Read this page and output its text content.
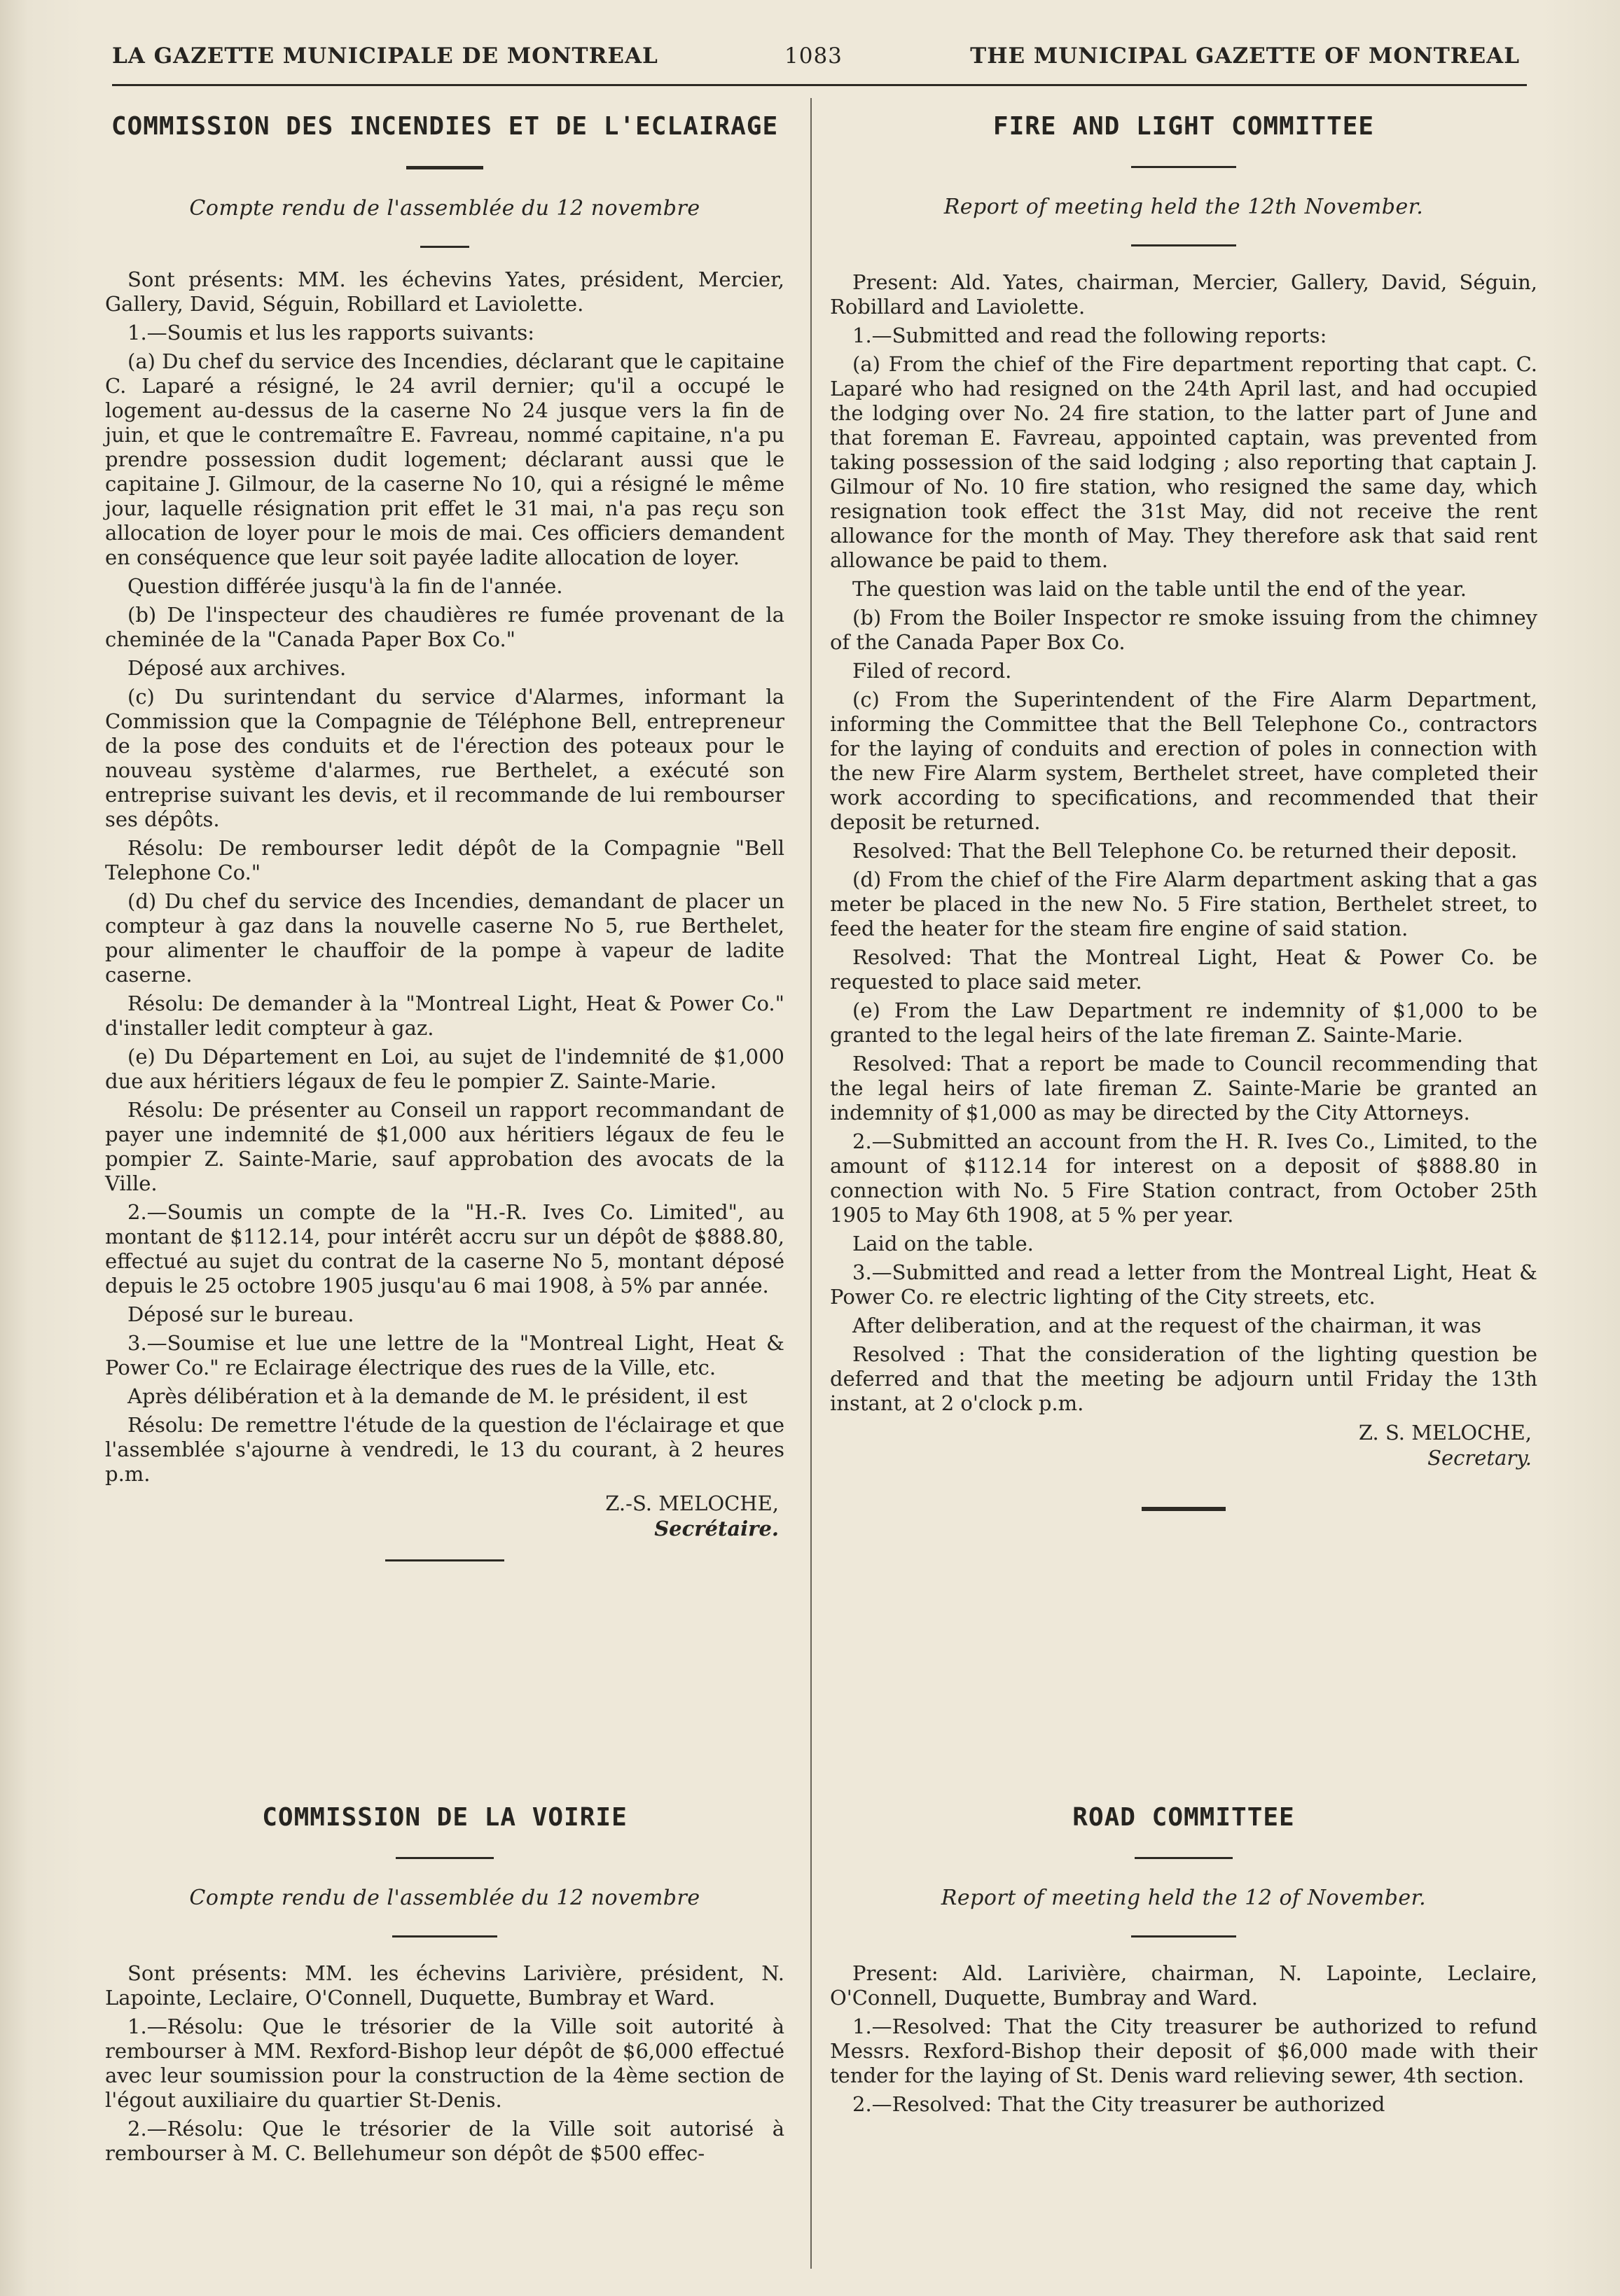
LA GAZETTE MUNICIPALE DE MONTREAL	1083	THE MUNICIPAL GAZETTE OF MONTREAL
COMMISSION DES INCENDIES ET DE L'ECLAIRAGE

Compte rendu de l'assemblée du 12 novembre

Sont présents: MM. les échevins Yates, président, Mercier, Gallery, David, Séguin, Robillard et Laviolette.

1.—Soumis et lus les rapports suivants:

(a) Du chef du service des Incendies, déclarant que le capitaine C. Laparé a résigné, le 24 avril dernier; qu'il a occupé le logement au-dessus de la caserne No 24 jusque vers la fin de juin, et que le contremaître E. Favreau, nommé capitaine, n'a pu prendre possession dudit logement; déclarant aussi que le capitaine J. Gilmour, de la caserne No 10, qui a résigné le même jour, laquelle résignation prit effet le 31 mai, n'a pas reçu son allocation de loyer pour le mois de mai. Ces officiers demandent en conséquence que leur soit payée ladite allocation de loyer.

Question différée jusqu'à la fin de l'année.

(b) De l'inspecteur des chaudières re fumée provenant de la cheminée de la "Canada Paper Box Co."

Déposé aux archives.

(c) Du surintendant du service d'Alarmes, informant la Commission que la Compagnie de Téléphone Bell, entrepreneur de la pose des conduits et de l'érection des poteaux pour le nouveau système d'alarmes, rue Berthelet, a exécuté son entreprise suivant les devis, et il recommande de lui rembourser ses dépôts.

Résolu: De rembourser ledit dépôt de la Compagnie "Bell Telephone Co."

(d) Du chef du service des Incendies, demandant de placer un compteur à gaz dans la nouvelle caserne No 5, rue Berthelet, pour alimenter le chauffoir de la pompe à vapeur de ladite caserne.

Résolu: De demander à la "Montreal Light, Heat & Power Co." d'installer ledit compteur à gaz.

(e) Du Département en Loi, au sujet de l'indemnité de $1,000 due aux héritiers légaux de feu le pompier Z. Sainte-Marie.

Résolu: De présenter au Conseil un rapport recommandant de payer une indemnité de $1,000 aux héritiers légaux de feu le pompier Z. Sainte-Marie, sauf approbation des avocats de la Ville.

2.—Soumis un compte de la "H.-R. Ives Co. Limited", au montant de $112.14, pour intérêt accru sur un dépôt de $888.80, effectué au sujet du contrat de la caserne No 5, montant déposé depuis le 25 octobre 1905 jusqu'au 6 mai 1908, à 5% par année.

Déposé sur le bureau.

3.—Soumise et lue une lettre de la "Montreal Light, Heat & Power Co." re Eclairage électrique des rues de la Ville, etc.

Après délibération et à la demande de M. le président, il est

Résolu: De remettre l'étude de la question de l'éclairage et que l'assemblée s'ajourne à vendredi, le 13 du courant, à 2 heures p.m.

Z.-S. MELOCHE,
Secrétaire.
COMMISSION DE LA VOIRIE

Compte rendu de l'assemblée du 12 novembre

Sont présents: MM. les échevins Larivière, président, N. Lapointe, Leclaire, O'Connell, Duquette, Bumbray et Ward.

1.—Résolu: Que le trésorier de la Ville soit autorité à rembourser à MM. Rexford-Bishop leur dépôt de $6,000 effectué avec leur soumission pour la construction de la 4ème section de l'égout auxiliaire du quartier St-Denis.

2.—Résolu: Que le trésorier de la Ville soit autorisé à rembourser à M. C. Bellehumeur son dépôt de $500 effec-

FIRE AND LIGHT COMMITTEE

Report of meeting held the 12th November.

Present: Ald. Yates, chairman, Mercier, Gallery, David, Séguin, Robillard and Laviolette.

1.—Submitted and read the following reports:

(a) From the chief of the Fire department reporting that capt. C. Laparé who had resigned on the 24th April last, and had occupied the lodging over No. 24 fire station, to the latter part of June and that foreman E. Favreau, appointed captain, was prevented from taking possession of the said lodging ; also reporting that captain J. Gilmour of No. 10 fire station, who resigned the same day, which resignation took effect the 31st May, did not receive the rent allowance for the month of May. They therefore ask that said rent allowance be paid to them.

The question was laid on the table until the end of the year.

(b) From the Boiler Inspector re smoke issuing from the chimney of the Canada Paper Box Co.

Filed of record.

(c) From the Superintendent of the Fire Alarm Department, informing the Committee that the Bell Telephone Co., contractors for the laying of conduits and erection of poles in connection with the new Fire Alarm system, Berthelet street, have completed their work according to specifications, and recommended that their deposit be returned.

Resolved: That the Bell Telephone Co. be returned their deposit.

(d) From the chief of the Fire Alarm department asking that a gas meter be placed in the new No. 5 Fire station, Berthelet street, to feed the heater for the steam fire engine of said station.

Resolved: That the Montreal Light, Heat & Power Co. be requested to place said meter.

(e) From the Law Department re indemnity of $1,000 to be granted to the legal heirs of the late fireman Z. Sainte-Marie.

Resolved: That a report be made to Council recommending that the legal heirs of late fireman Z. Sainte-Marie be granted an indemnity of $1,000 as may be directed by the City Attorneys.

2.—Submitted an account from the H. R. Ives Co., Limited, to the amount of $112.14 for interest on a deposit of $888.80 in connection with No. 5 Fire Station contract, from October 25th 1905 to May 6th 1908, at 5 % per year.

Laid on the table.

3.—Submitted and read a letter from the Montreal Light, Heat & Power Co. re electric lighting of the City streets, etc.

After deliberation, and at the request of the chairman, it was

Resolved : That the consideration of the lighting question be deferred and that the meeting be adjourn until Friday the 13th instant, at 2 o'clock p.m.

Z. S. MELOCHE,
Secretary.
ROAD COMMITTEE

Report of meeting held the 12 of November.

Present: Ald. Larivière, chairman, N. Lapointe, Leclaire, O'Connell, Duquette, Bumbray and Ward.

1.—Resolved: That the City treasurer be authorized to refund Messrs. Rexford-Bishop their deposit of $6,000 made with their tender for the laying of St. Denis ward relieving sewer, 4th section.

2.—Resolved: That the City treasurer be authorized
